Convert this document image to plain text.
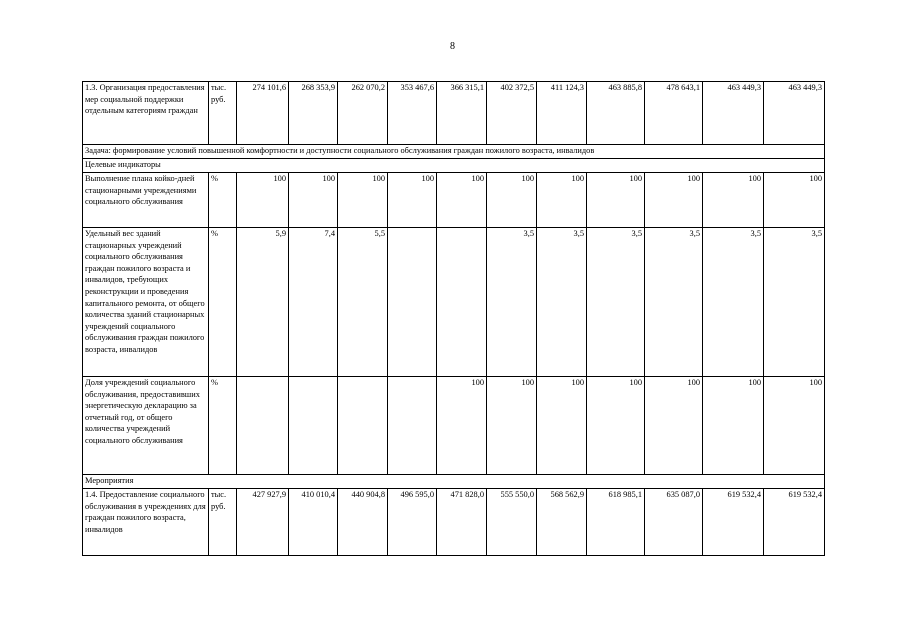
8
1.3. Организация предоставления мер социальной поддержки отдельным категориям граждан	тыс. руб.	274 101,6	268 353,9	262 070,2	353 467,6	366 315,1	402 372,5	411 124,3	463 885,8	478 643,1	463 449,3	463 449,3
Задача: формирование условий повышенной комфортности и доступности социального обслуживания граждан пожилого возраста, инвалидов												
Целевые индикаторы												
Выполнение плана койко-дней стационарными учреждениями социального обслуживания	%	100	100	100	100	100	100	100	100	100	100	100
Удельный вес зданий стационарных учреждений социального обслуживания граждан пожилого возраста и инвалидов, требующих реконструкции и проведения капитального ремонта, от общего количества зданий стационарных учреждений социального обслуживания граждан пожилого возраста, инвалидов	%	5,9	7,4	5,5			3,5	3,5	3,5	3,5	3,5	3,5
Доля учреждений социального обслуживания, предоставивших энергетическую декларацию за отчетный год, от общего количества учреждений социального обслуживания	%					100	100	100	100	100	100	100
Мероприятия												
1.4. Предоставление социального обслуживания в учреждениях для граждан пожилого возраста, инвалидов	тыс. руб.	427 927,9	410 010,4	440 904,8	496 595,0	471 828,0	555 550,0	568 562,9	618 985,1	635 087,0	619 532,4	619 532,4
